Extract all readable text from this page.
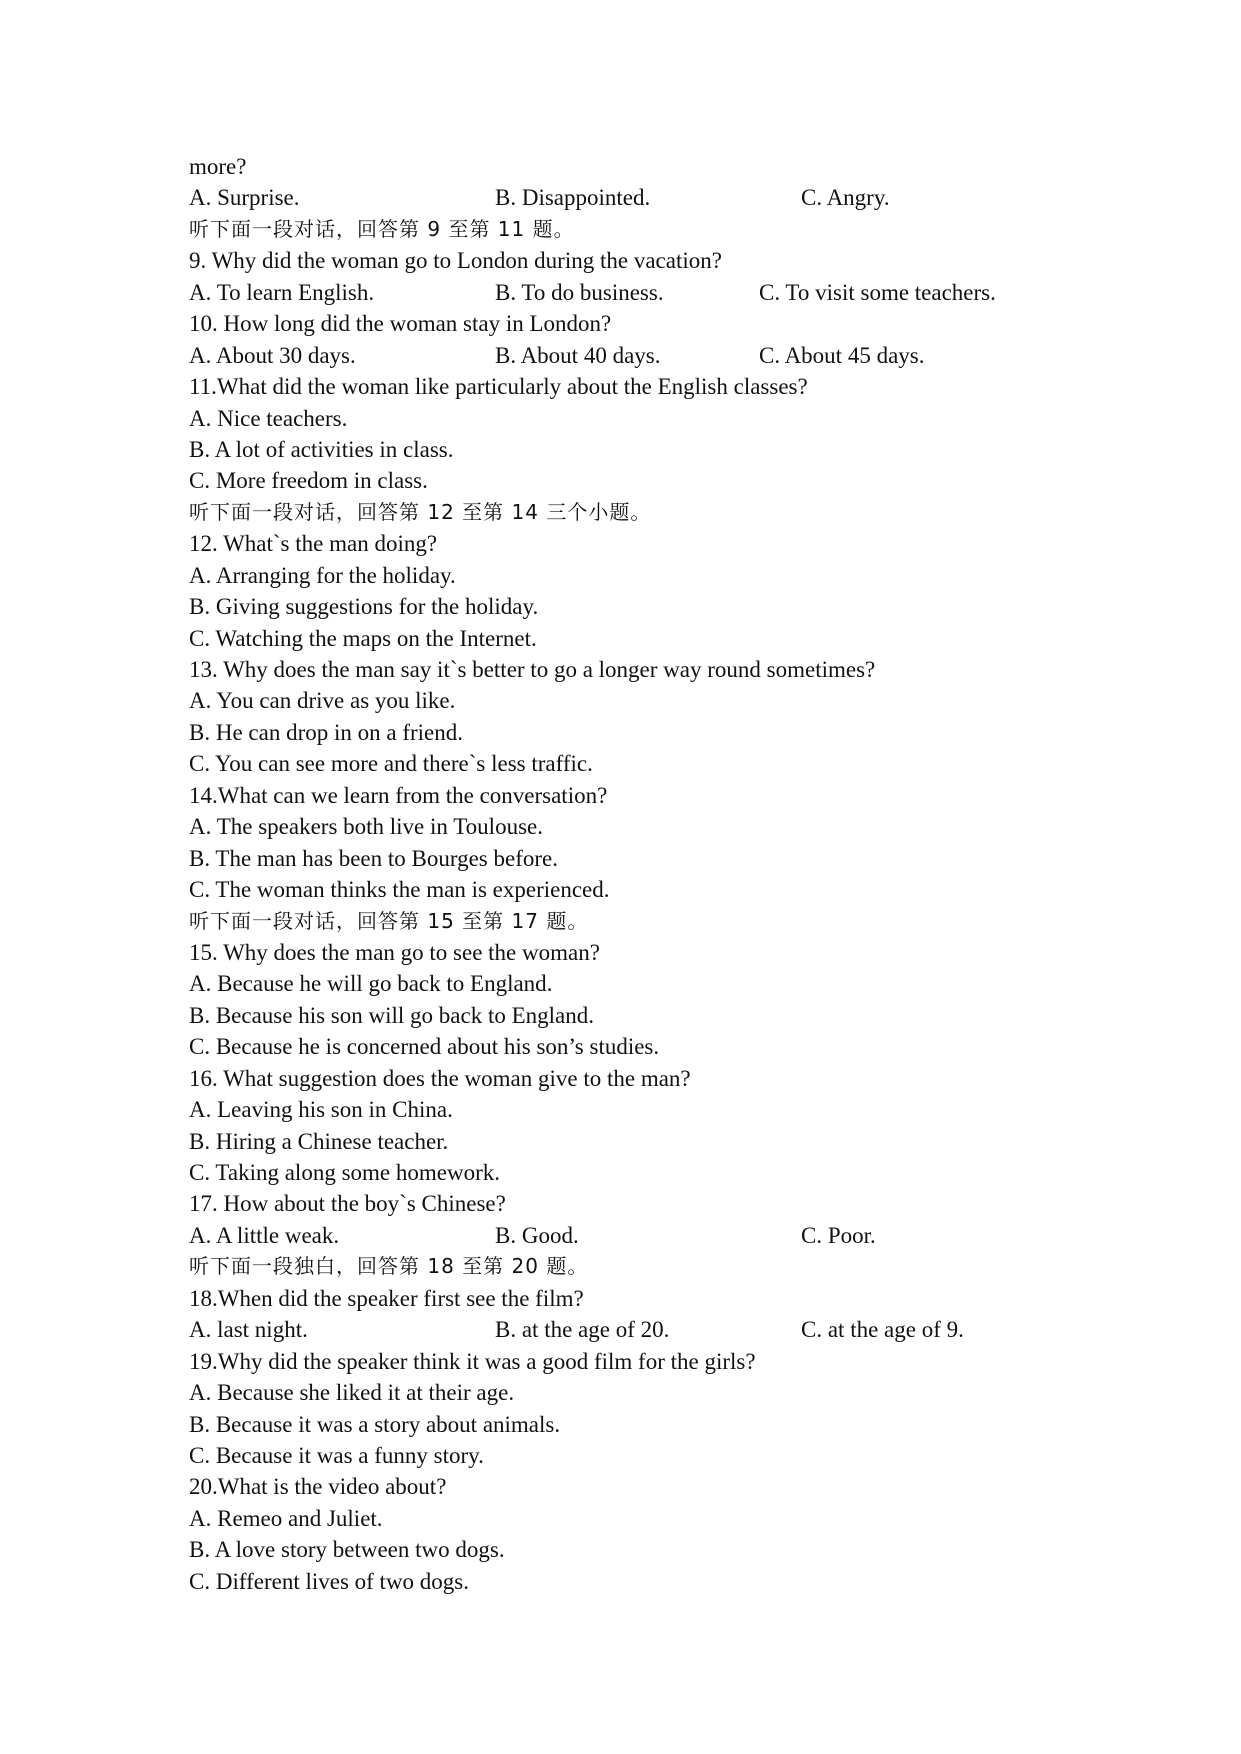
more?
A. Surprise.	B. Disappointed.	C. Angry.
听下面一段对话，回答第 9 至第 11 题。
9. Why did the woman go to London during the vacation?
A. To learn English.	B. To do business.	C. To visit some teachers.
10. How long did the woman stay in London?
A. About 30 days.	B. About 40 days.	C. About 45 days.
11.What did the woman like particularly about the English classes?
A. Nice teachers.
B. A lot of activities in class.
C. More freedom in class.
听下面一段对话，回答第 12 至第 14 三个小题。
12. What`s the man doing?
A. Arranging for the holiday.
B. Giving suggestions for the holiday.
C. Watching the maps on the Internet.
13. Why does the man say it`s better to go a longer way round sometimes?
A. You can drive as you like.
B. He can drop in on a friend.
C. You can see more and there`s less traffic.
14.What can we learn from the conversation?
A. The speakers both live in Toulouse.
B. The man has been to Bourges before.
C. The woman thinks the man is experienced.
听下面一段对话，回答第 15 至第 17 题。
15. Why does the man go to see the woman?
A. Because he will go back to England.
B. Because his son will go back to England.
C. Because he is concerned about his son’s studies.
16. What suggestion does the woman give to the man?
A. Leaving his son in China.
B. Hiring a Chinese teacher.
C. Taking along some homework.
17. How about the boy`s Chinese?
A. A little weak.	B. Good.	C. Poor.
听下面一段独白，回答第 18 至第 20 题。
18.When did the speaker first see the film?
A. last night.	B. at the age of 20.	C. at the age of 9.
19.Why did the speaker think it was a good film for the girls?
A. Because she liked it at their age.
B. Because it was a story about animals.
C. Because it was a funny story.
20.What is the video about?
A. Remeo and Juliet.
B. A love story between two dogs.
C. Different lives of two dogs.
